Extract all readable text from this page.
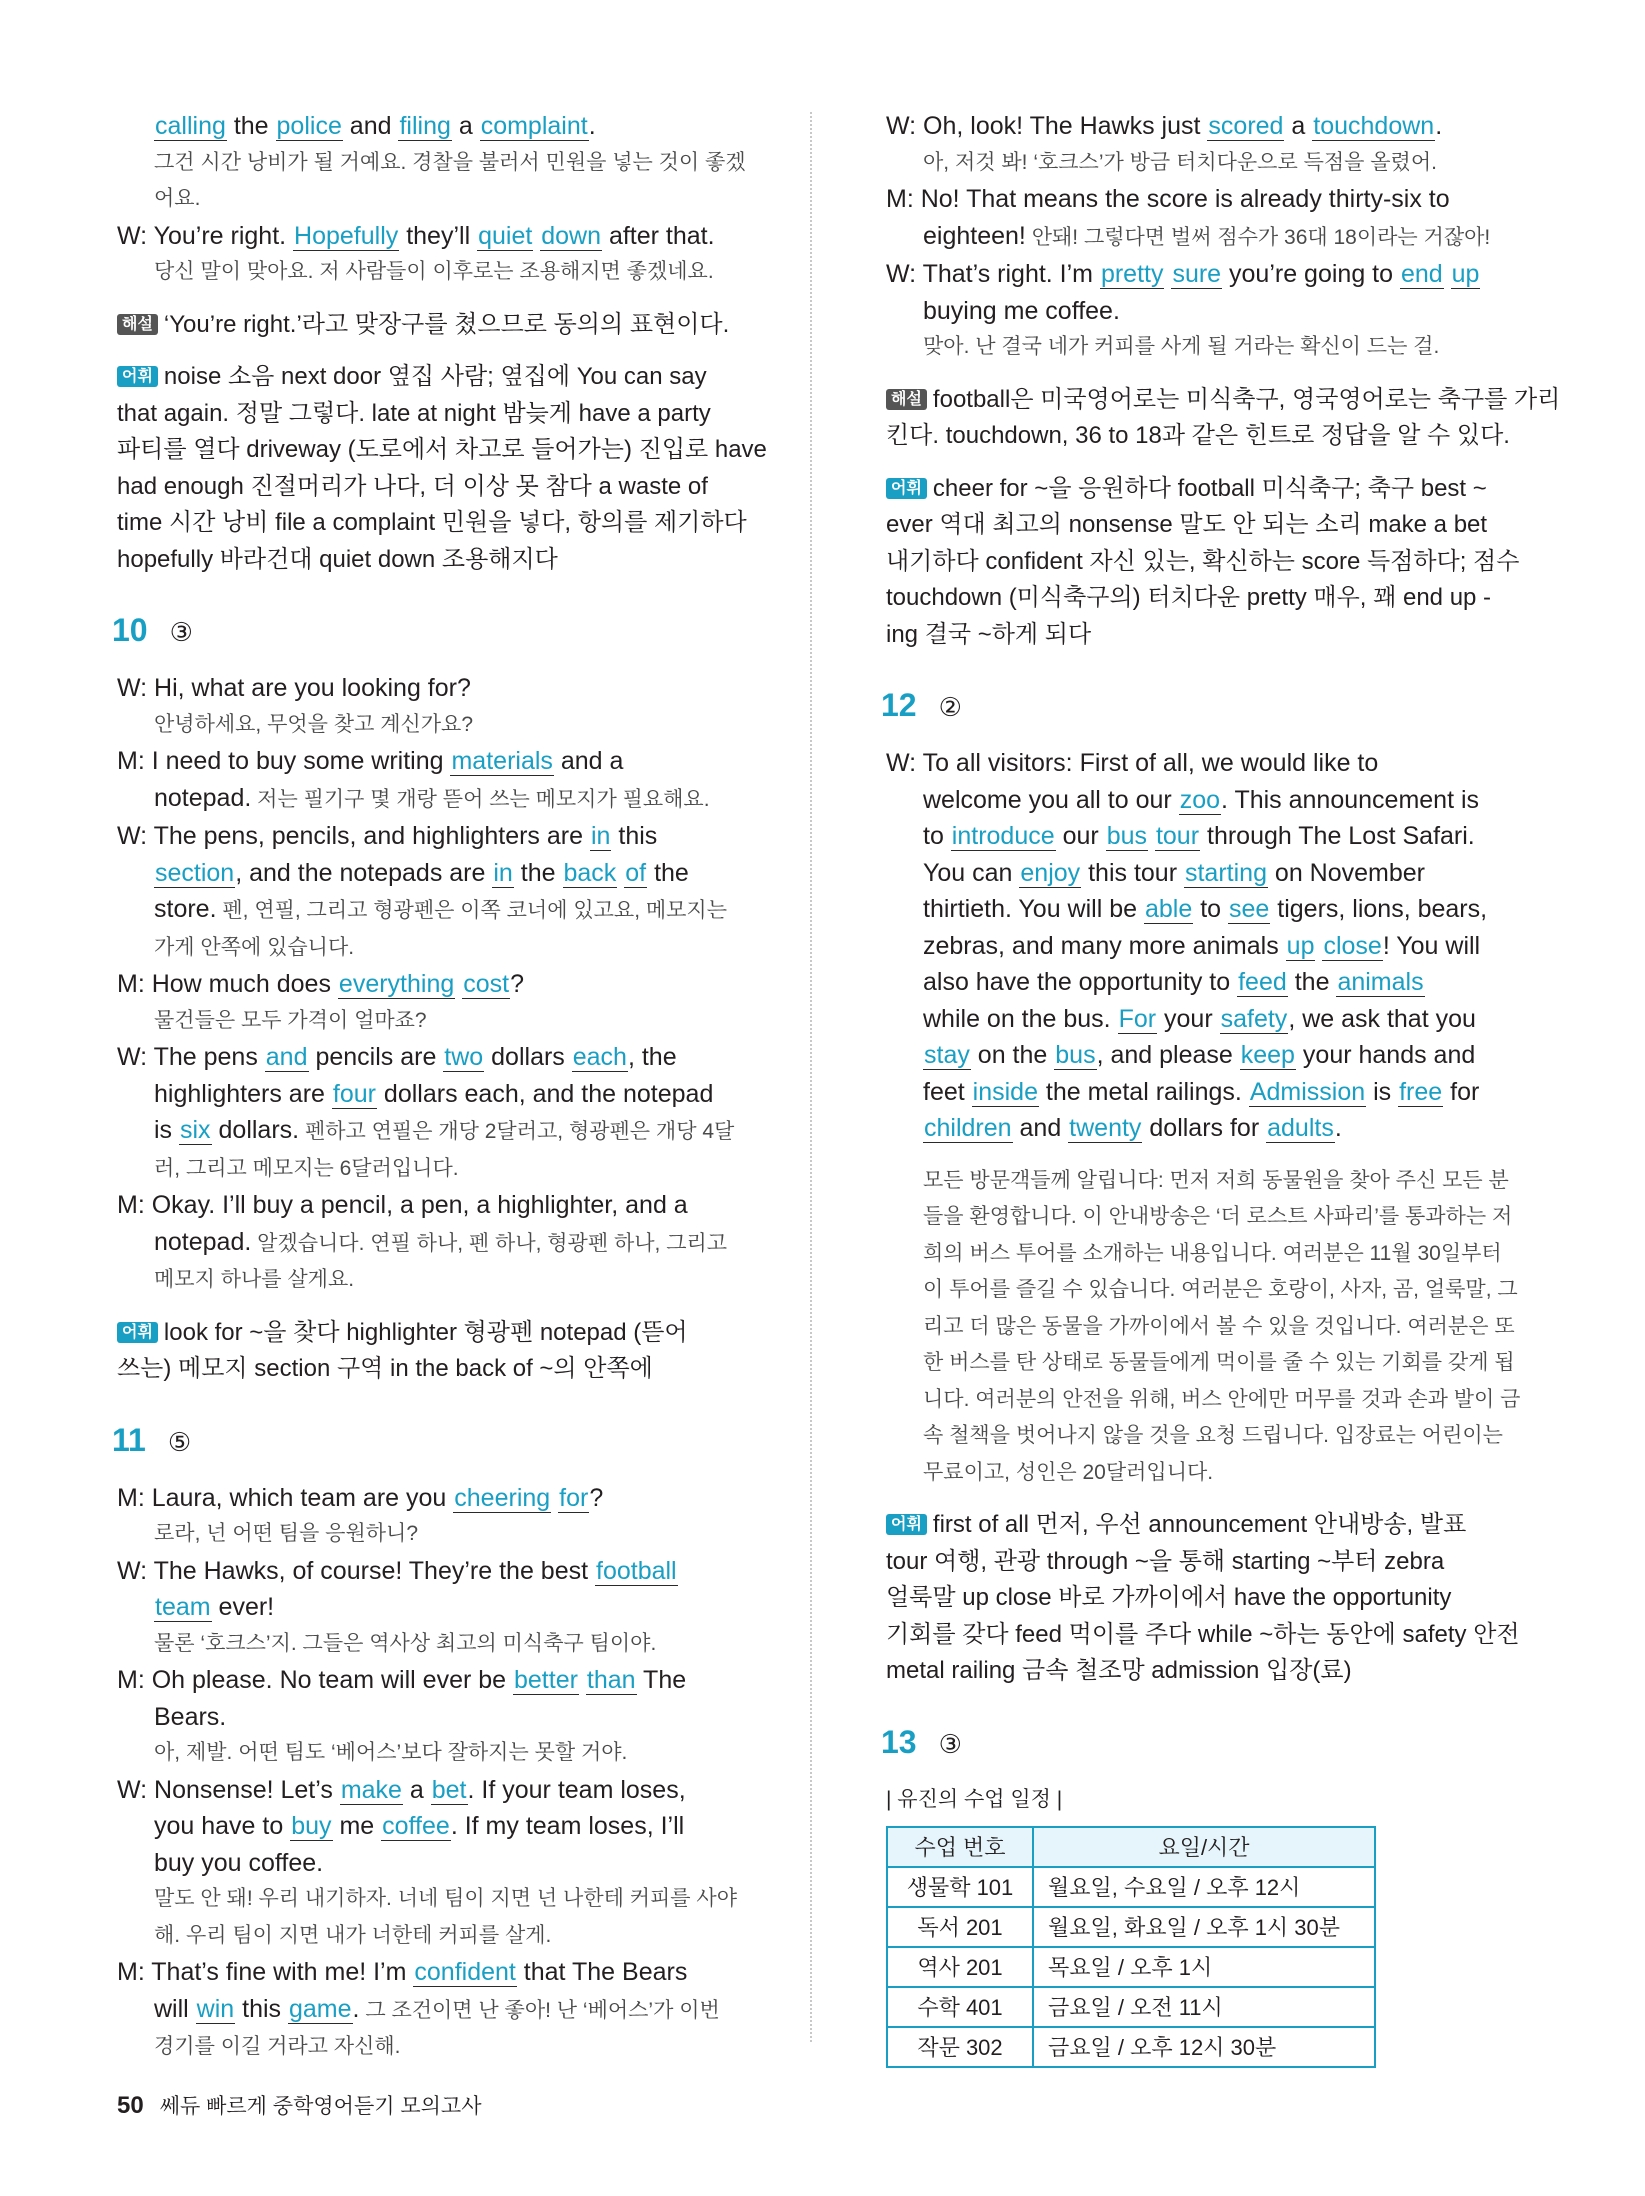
calling the police and filing a complaint.
그건 시간 낭비가 될 거예요. 경찰을 불러서 민원을 넣는 것이 좋겠
어요.
W: You’re right. Hopefully they’ll quiet down after that.
당신 말이 맞아요. 저 사람들이 이후로는 조용해지면 좋겠네요.
해설 ‘You’re right.’라고 맞장구를 쳤으므로 동의의 표현이다.
어휘 noise 소음 next door 옆집 사람; 옆집에 You can say
that again. 정말 그렇다. late at night 밤늦게 have a party
파티를 열다 driveway (도로에서 차고로 들어가는) 진입로 have
had enough 진절머리가 나다, 더 이상 못 참다 a waste of
time 시간 낭비 file a complaint 민원을 넣다, 항의를 제기하다
hopefully 바라건대 quiet down 조용해지다
10 ③
W: Hi, what are you looking for?
안녕하세요, 무엇을 찾고 계신가요?
M: I need to buy some writing materials and a
notepad. 저는 필기구 몇 개랑 뜯어 쓰는 메모지가 필요해요.
W: The pens, pencils, and highlighters are in this
section, and the notepads are in the back of the
store. 펜, 연필, 그리고 형광펜은 이쪽 코너에 있고요, 메모지는
가게 안쪽에 있습니다.
M: How much does everything cost?
물건들은 모두 가격이 얼마죠?
W: The pens and pencils are two dollars each, the
highlighters are four dollars each, and the notepad
is six dollars. 펜하고 연필은 개당 2달러고, 형광펜은 개당 4달
러, 그리고 메모지는 6달러입니다.
M: Okay. I’ll buy a pencil, a pen, a highlighter, and a
notepad. 알겠습니다. 연필 하나, 펜 하나, 형광펜 하나, 그리고
메모지 하나를 살게요.
어휘 look for ~을 찾다 highlighter 형광펜 notepad (뜯어
쓰는) 메모지 section 구역 in the back of ~의 안쪽에
11 ⑤
M: Laura, which team are you cheering for?
로라, 넌 어떤 팀을 응원하니?
W: The Hawks, of course! They’re the best football
team ever!
물론 ‘호크스’지. 그들은 역사상 최고의 미식축구 팀이야.
M: Oh please. No team will ever be better than The
Bears.
아, 제발. 어떤 팀도 ‘베어스’보다 잘하지는 못할 거야.
W: Nonsense! Let’s make a bet. If your team loses,
you have to buy me coffee. If my team loses, I’ll
buy you coffee.
말도 안 돼! 우리 내기하자. 너네 팀이 지면 넌 나한테 커피를 사야
해. 우리 팀이 지면 내가 너한테 커피를 살게.
M: That’s fine with me! I’m confident that The Bears
will win this game. 그 조건이면 난 좋아! 난 ‘베어스’가 이번
경기를 이길 거라고 자신해.
W: Oh, look! The Hawks just scored a touchdown.
아, 저것 봐! ‘호크스’가 방금 터치다운으로 득점을 올렸어.
M: No! That means the score is already thirty-six to
eighteen! 안돼! 그렇다면 벌써 점수가 36대 18이라는 거잖아!
W: That’s right. I’m pretty sure you’re going to end up
buying me coffee.
맞아. 난 결국 네가 커피를 사게 될 거라는 확신이 드는 걸.
해설 football은 미국영어로는 미식축구, 영국영어로는 축구를 가리
킨다. touchdown, 36 to 18과 같은 힌트로 정답을 알 수 있다.
어휘 cheer for ~을 응원하다 football 미식축구; 축구 best ~
ever 역대 최고의 nonsense 말도 안 되는 소리 make a bet
내기하다 confident 자신 있는, 확신하는 score 득점하다; 점수
touchdown (미식축구의) 터치다운 pretty 매우, 꽤 end up -
ing 결국 ~하게 되다
12 ②
W: To all visitors: First of all, we would like to
welcome you all to our zoo. This announcement is
to introduce our bus tour through The Lost Safari.
You can enjoy this tour starting on November
thirtieth. You will be able to see tigers, lions, bears,
zebras, and many more animals up close! You will
also have the opportunity to feed the animals
while on the bus. For your safety, we ask that you
stay on the bus, and please keep your hands and
feet inside the metal railings. Admission is free for
children and twenty dollars for adults.
모든 방문객들께 알립니다: 먼저 저희 동물원을 찾아 주신 모든 분
들을 환영합니다. 이 안내방송은 ‘더 로스트 사파리’를 통과하는 저
희의 버스 투어를 소개하는 내용입니다. 여러분은 11월 30일부터
이 투어를 즐길 수 있습니다. 여러분은 호랑이, 사자, 곰, 얼룩말, 그
리고 더 많은 동물을 가까이에서 볼 수 있을 것입니다. 여러분은 또
한 버스를 탄 상태로 동물들에게 먹이를 줄 수 있는 기회를 갖게 됩
니다. 여러분의 안전을 위해, 버스 안에만 머무를 것과 손과 발이 금
속 철책을 벗어나지 않을 것을 요청 드립니다. 입장료는 어린이는
무료이고, 성인은 20달러입니다.
어휘 first of all 먼저, 우선 announcement 안내방송, 발표
tour 여행, 관광 through ~을 통해 starting ~부터 zebra
얼룩말 up close 바로 가까이에서 have the opportunity
기회를 갖다 feed 먹이를 주다 while ~하는 동안에 safety 안전
metal railing 금속 철조망 admission 입장(료)
13 ③
| 유진의 수업 일정 |
수업 번호	요일/시간
생물학 101	월요일, 수요일 / 오후 12시
독서 201	월요일, 화요일 / 오후 1시 30분
역사 201	목요일 / 오후 1시
수학 401	금요일 / 오전 11시
작문 302	금요일 / 오후 12시 30분
50 쎄듀 빠르게 중학영어듣기 모의고사
